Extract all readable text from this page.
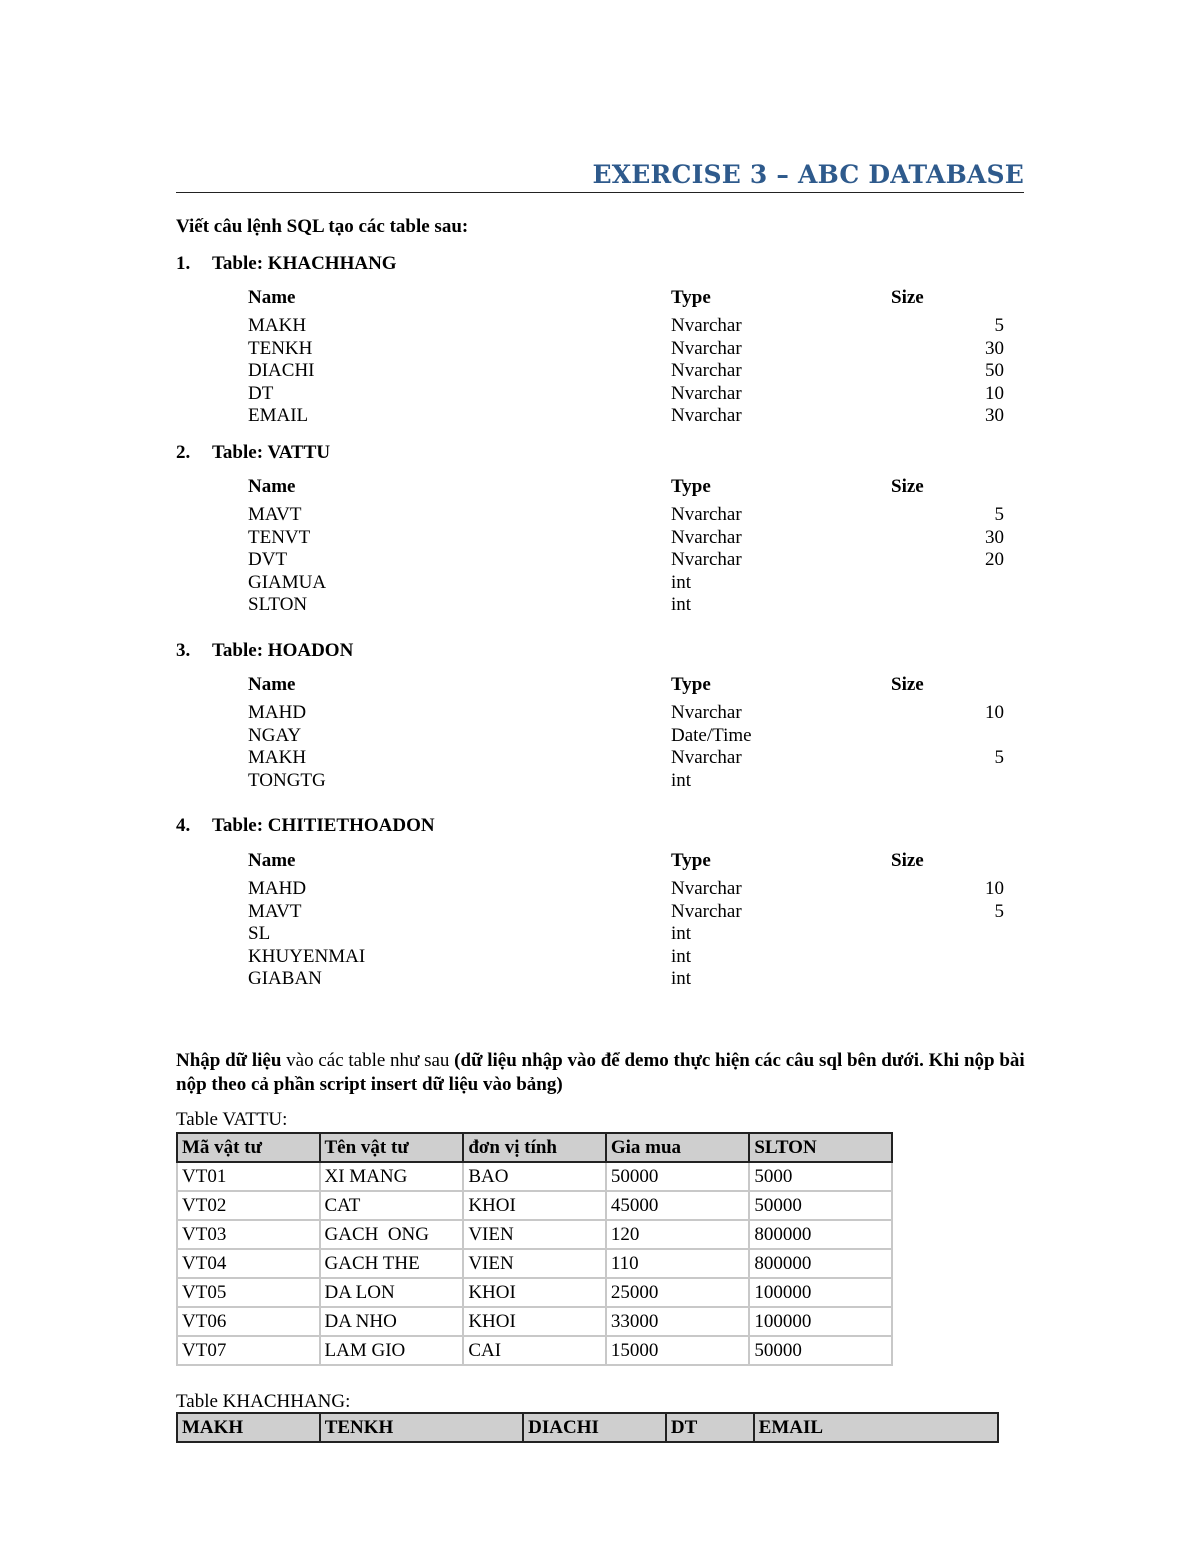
EXERCISE 3 – ABC DATABASE
Viết câu lệnh SQL tạo các table sau:
1. Table: KHACHHANG
Name	Type	Size
MAKH	Nvarchar	5
TENKH	Nvarchar	30
DIACHI	Nvarchar	50
DT	Nvarchar	10
EMAIL	Nvarchar	30
2. Table: VATTU
Name	Type	Size
MAVT	Nvarchar	5
TENVT	Nvarchar	30
DVT	Nvarchar	20
GIAMUA	int
SLTON	int
3. Table: HOADON
Name	Type	Size
MAHD	Nvarchar	10
NGAY	Date/Time
MAKH	Nvarchar	5
TONGTG	int
4. Table: CHITIETHOADON
Name	Type	Size
MAHD	Nvarchar	10
MAVT	Nvarchar	5
SL	int
KHUYENMAI	int
GIABAN	int
Nhập dữ liệu vào các table như sau (dữ liệu nhập vào để demo thực hiện các câu sql bên dưới. Khi nộp bài nộp theo cả phần script insert dữ liệu vào bảng)
Table VATTU:
Mã vật tư	Tên vật tư	đơn vị tính	Gia mua	SLTON
VT01	XI MANG	BAO	50000	5000
VT02	CAT	KHOI	45000	50000
VT03	GACH  ONG	VIEN	120	800000
VT04	GACH THE	VIEN	110	800000
VT05	DA LON	KHOI	25000	100000
VT06	DA NHO	KHOI	33000	100000
VT07	LAM GIO	CAI	15000	50000
Table KHACHHANG:
MAKH	TENKH	DIACHI	DT	EMAIL
